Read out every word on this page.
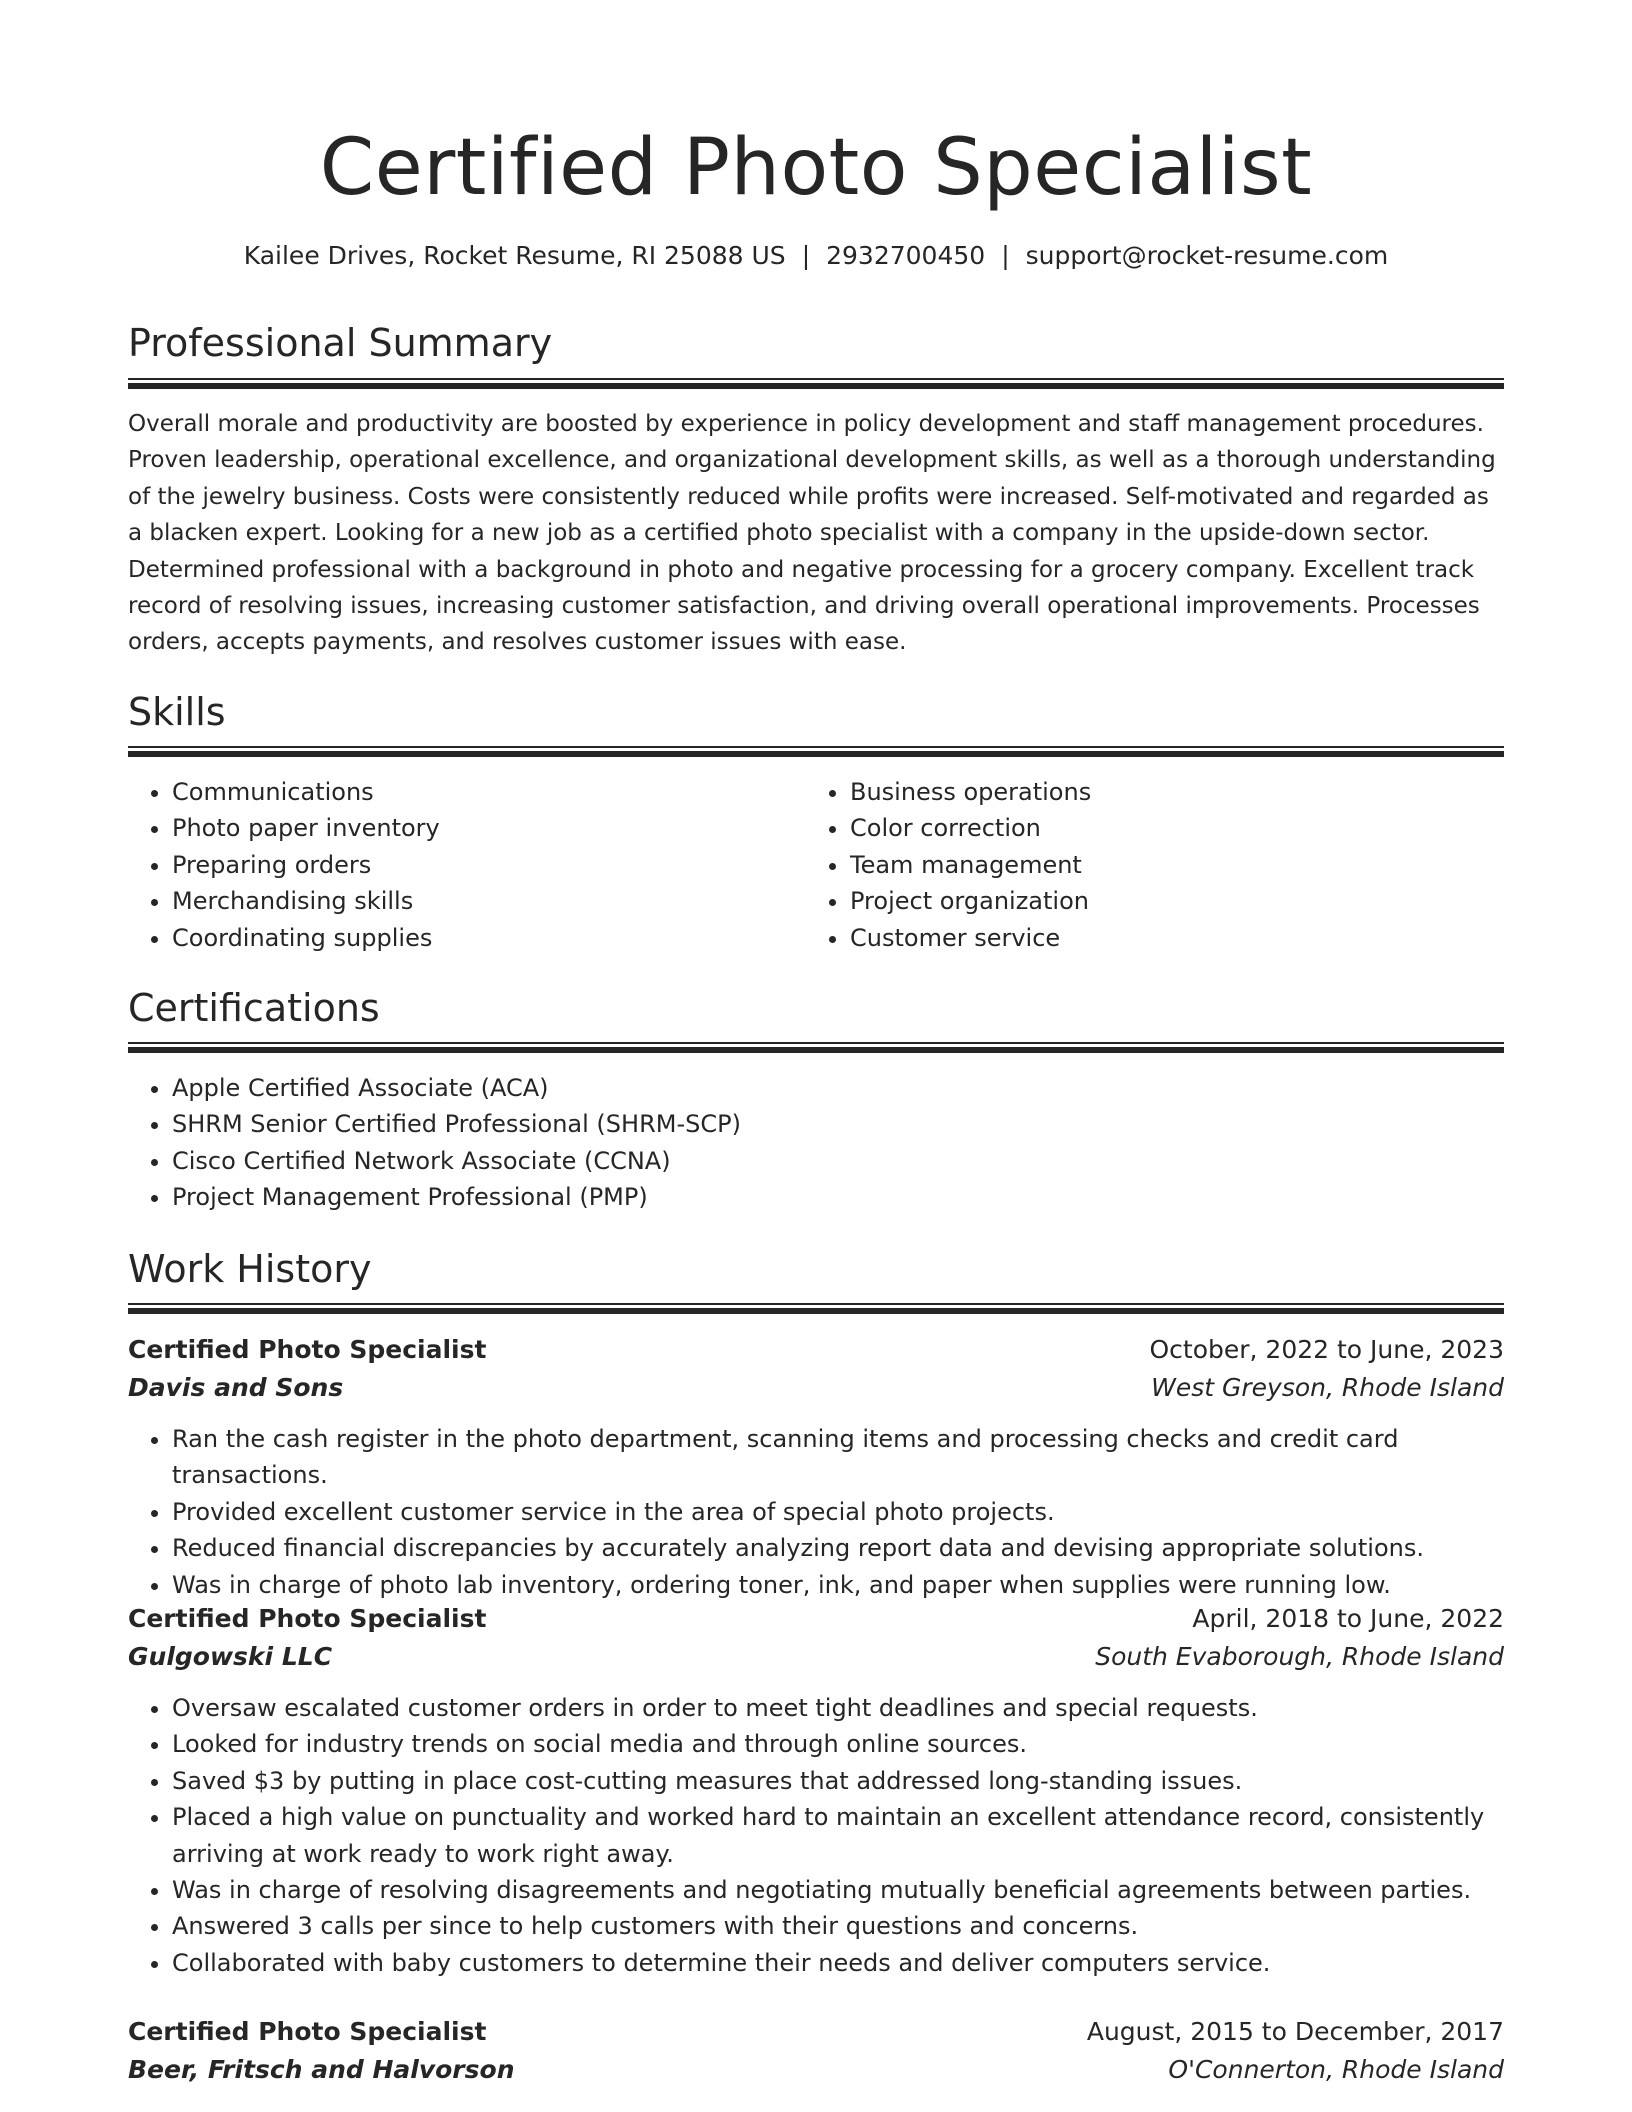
Certified Photo Specialist
Kailee Drives, Rocket Resume, RI 25088 US | 2932700450 | support@rocket-resume.com
Professional Summary

Overall morale and productivity are boosted by experience in policy development and staff management procedures. Proven leadership, operational excellence, and organizational development skills, as well as a thorough understanding of the jewelry business. Costs were consistently reduced while profits were increased. Self-motivated and regarded as a blacken expert. Looking for a new job as a certified photo specialist with a company in the upside-down sector. Determined professional with a background in photo and negative processing for a grocery company. Excellent track record of resolving issues, increasing customer satisfaction, and driving overall operational improvements. Processes orders, accepts payments, and resolves customer issues with ease.

Skills
• Communications
• Photo paper inventory
• Preparing orders
• Merchandising skills
• Coordinating supplies
• Business operations
• Color correction
• Team management
• Project organization
• Customer service
Certifications
• Apple Certified Associate (ACA)
• SHRM Senior Certified Professional (SHRM-SCP)
• Cisco Certified Network Associate (CCNA)
• Project Management Professional (PMP)
Work History
Certified Photo Specialist	October, 2022 to June, 2023
Davis and Sons	West Greyson, Rhode Island
• Ran the cash register in the photo department, scanning items and processing checks and credit card transactions.
• Provided excellent customer service in the area of special photo projects.
• Reduced financial discrepancies by accurately analyzing report data and devising appropriate solutions.
• Was in charge of photo lab inventory, ordering toner, ink, and paper when supplies were running low.
Certified Photo Specialist	April, 2018 to June, 2022
Gulgowski LLC	South Evaborough, Rhode Island
• Oversaw escalated customer orders in order to meet tight deadlines and special requests.
• Looked for industry trends on social media and through online sources.
• Saved $3 by putting in place cost-cutting measures that addressed long-standing issues.
• Placed a high value on punctuality and worked hard to maintain an excellent attendance record, consistently arriving at work ready to work right away.
• Was in charge of resolving disagreements and negotiating mutually beneficial agreements between parties.
• Answered 3 calls per since to help customers with their questions and concerns.
• Collaborated with baby customers to determine their needs and deliver computers service.
Certified Photo Specialist	August, 2015 to December, 2017
Beer, Fritsch and Halvorson	O'Connerton, Rhode Island
